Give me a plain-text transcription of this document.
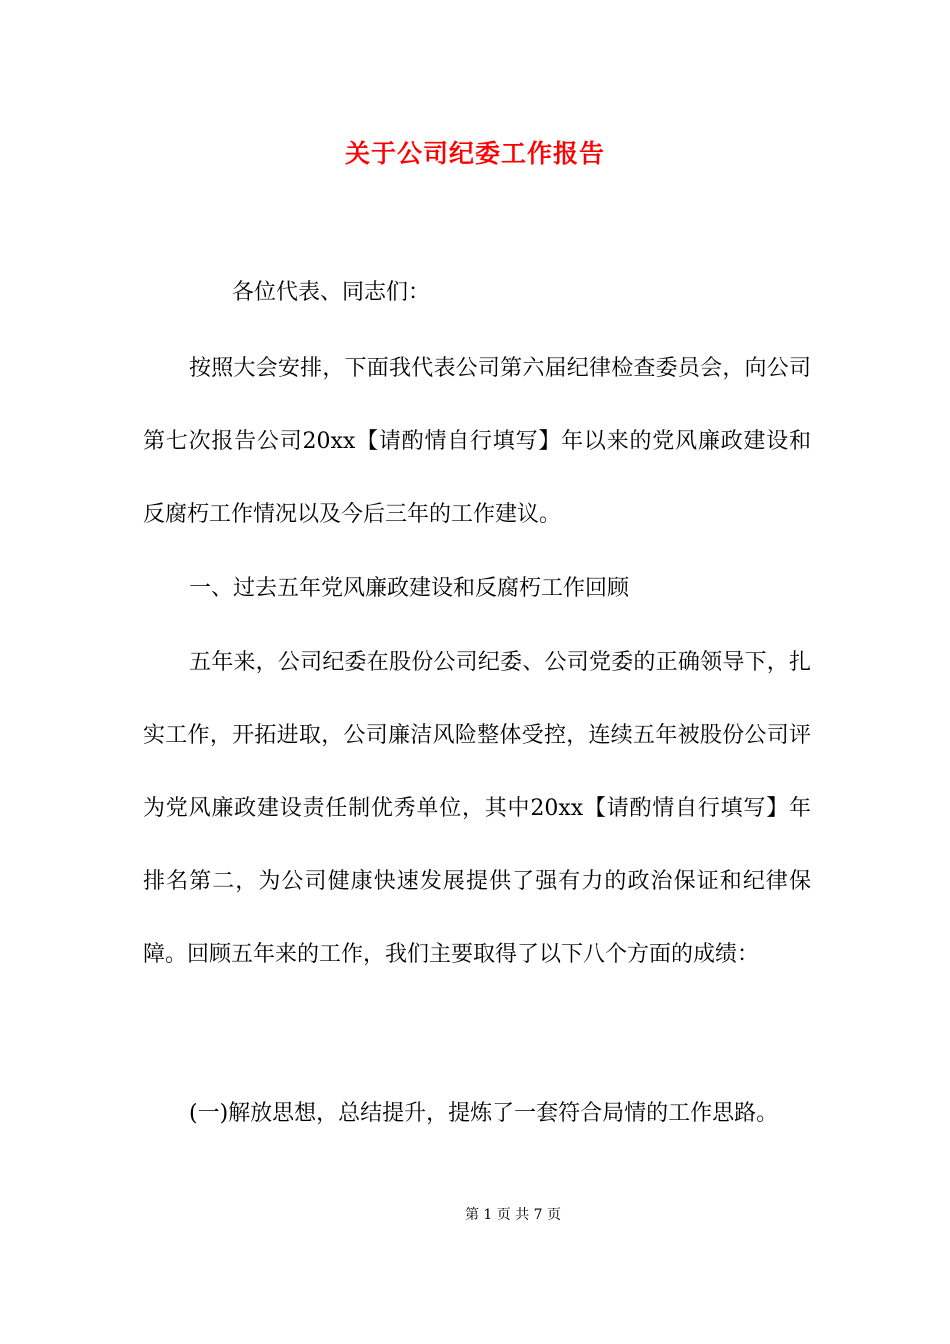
关于公司纪委工作报告
各位代表、同志们：
按照大会安排，下面我代表公司第六届纪律检查委员会，向公司第七次报告公司20xx【请酌情自行填写】年以来的党风廉政建设和反腐朽工作情况以及今后三年的工作建议。
一、过去五年党风廉政建设和反腐朽工作回顾
五年来，公司纪委在股份公司纪委、公司党委的正确领导下，扎实工作，开拓进取，公司廉洁风险整体受控，连续五年被股份公司评为党风廉政建设责任制优秀单位，其中20xx【请酌情自行填写】年排名第二，为公司健康快速发展提供了强有力的政治保证和纪律保障。回顾五年来的工作，我们主要取得了以下八个方面的成绩：
(一)解放思想，总结提升，提炼了一套符合局情的工作思路。
第 1 页 共 7 页
